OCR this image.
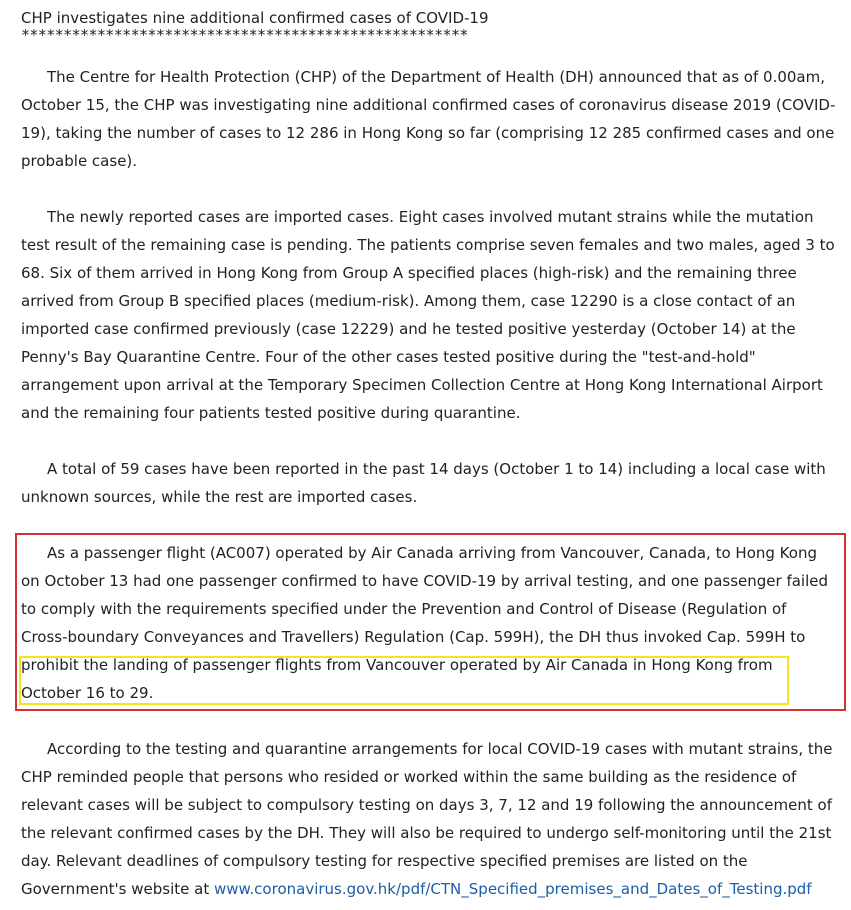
CHP investigates nine additional confirmed cases of COVID-19
*****************************************************

The Centre for Health Protection (CHP) of the Department of Health (DH) announced that as of 0.00am, October 15, the CHP was investigating nine additional confirmed cases of coronavirus disease 2019 (COVID-19), taking the number of cases to 12 286 in Hong Kong so far (comprising 12 285 confirmed cases and one probable case).

The newly reported cases are imported cases. Eight cases involved mutant strains while the mutation test result of the remaining case is pending. The patients comprise seven females and two males, aged 3 to 68. Six of them arrived in Hong Kong from Group A specified places (high-risk) and the remaining three arrived from Group B specified places (medium-risk). Among them, case 12290 is a close contact of an imported case confirmed previously (case 12229) and he tested positive yesterday (October 14) at the Penny's Bay Quarantine Centre. Four of the other cases tested positive during the "test-and-hold" arrangement upon arrival at the Temporary Specimen Collection Centre at Hong Kong International Airport and the remaining four patients tested positive during quarantine.

A total of 59 cases have been reported in the past 14 days (October 1 to 14) including a local case with unknown sources, while the rest are imported cases.

As a passenger flight (AC007) operated by Air Canada arriving from Vancouver, Canada, to Hong Kong on October 13 had one passenger confirmed to have COVID-19 by arrival testing, and one passenger failed to comply with the requirements specified under the Prevention and Control of Disease (Regulation of Cross-boundary Conveyances and Travellers) Regulation (Cap. 599H), the DH thus invoked Cap. 599H to prohibit the landing of passenger flights from Vancouver operated by Air Canada in Hong Kong from October 16 to 29.

According to the testing and quarantine arrangements for local COVID-19 cases with mutant strains, the CHP reminded people that persons who resided or worked within the same building as the residence of relevant cases will be subject to compulsory testing on days 3, 7, 12 and 19 following the announcement of the relevant confirmed cases by the DH. They will also be required to undergo self-monitoring until the 21st day. Relevant deadlines of compulsory testing for respective specified premises are listed on the Government's website at www.coronavirus.gov.hk/pdf/CTN_Specified_premises_and_Dates_of_Testing.pdf
